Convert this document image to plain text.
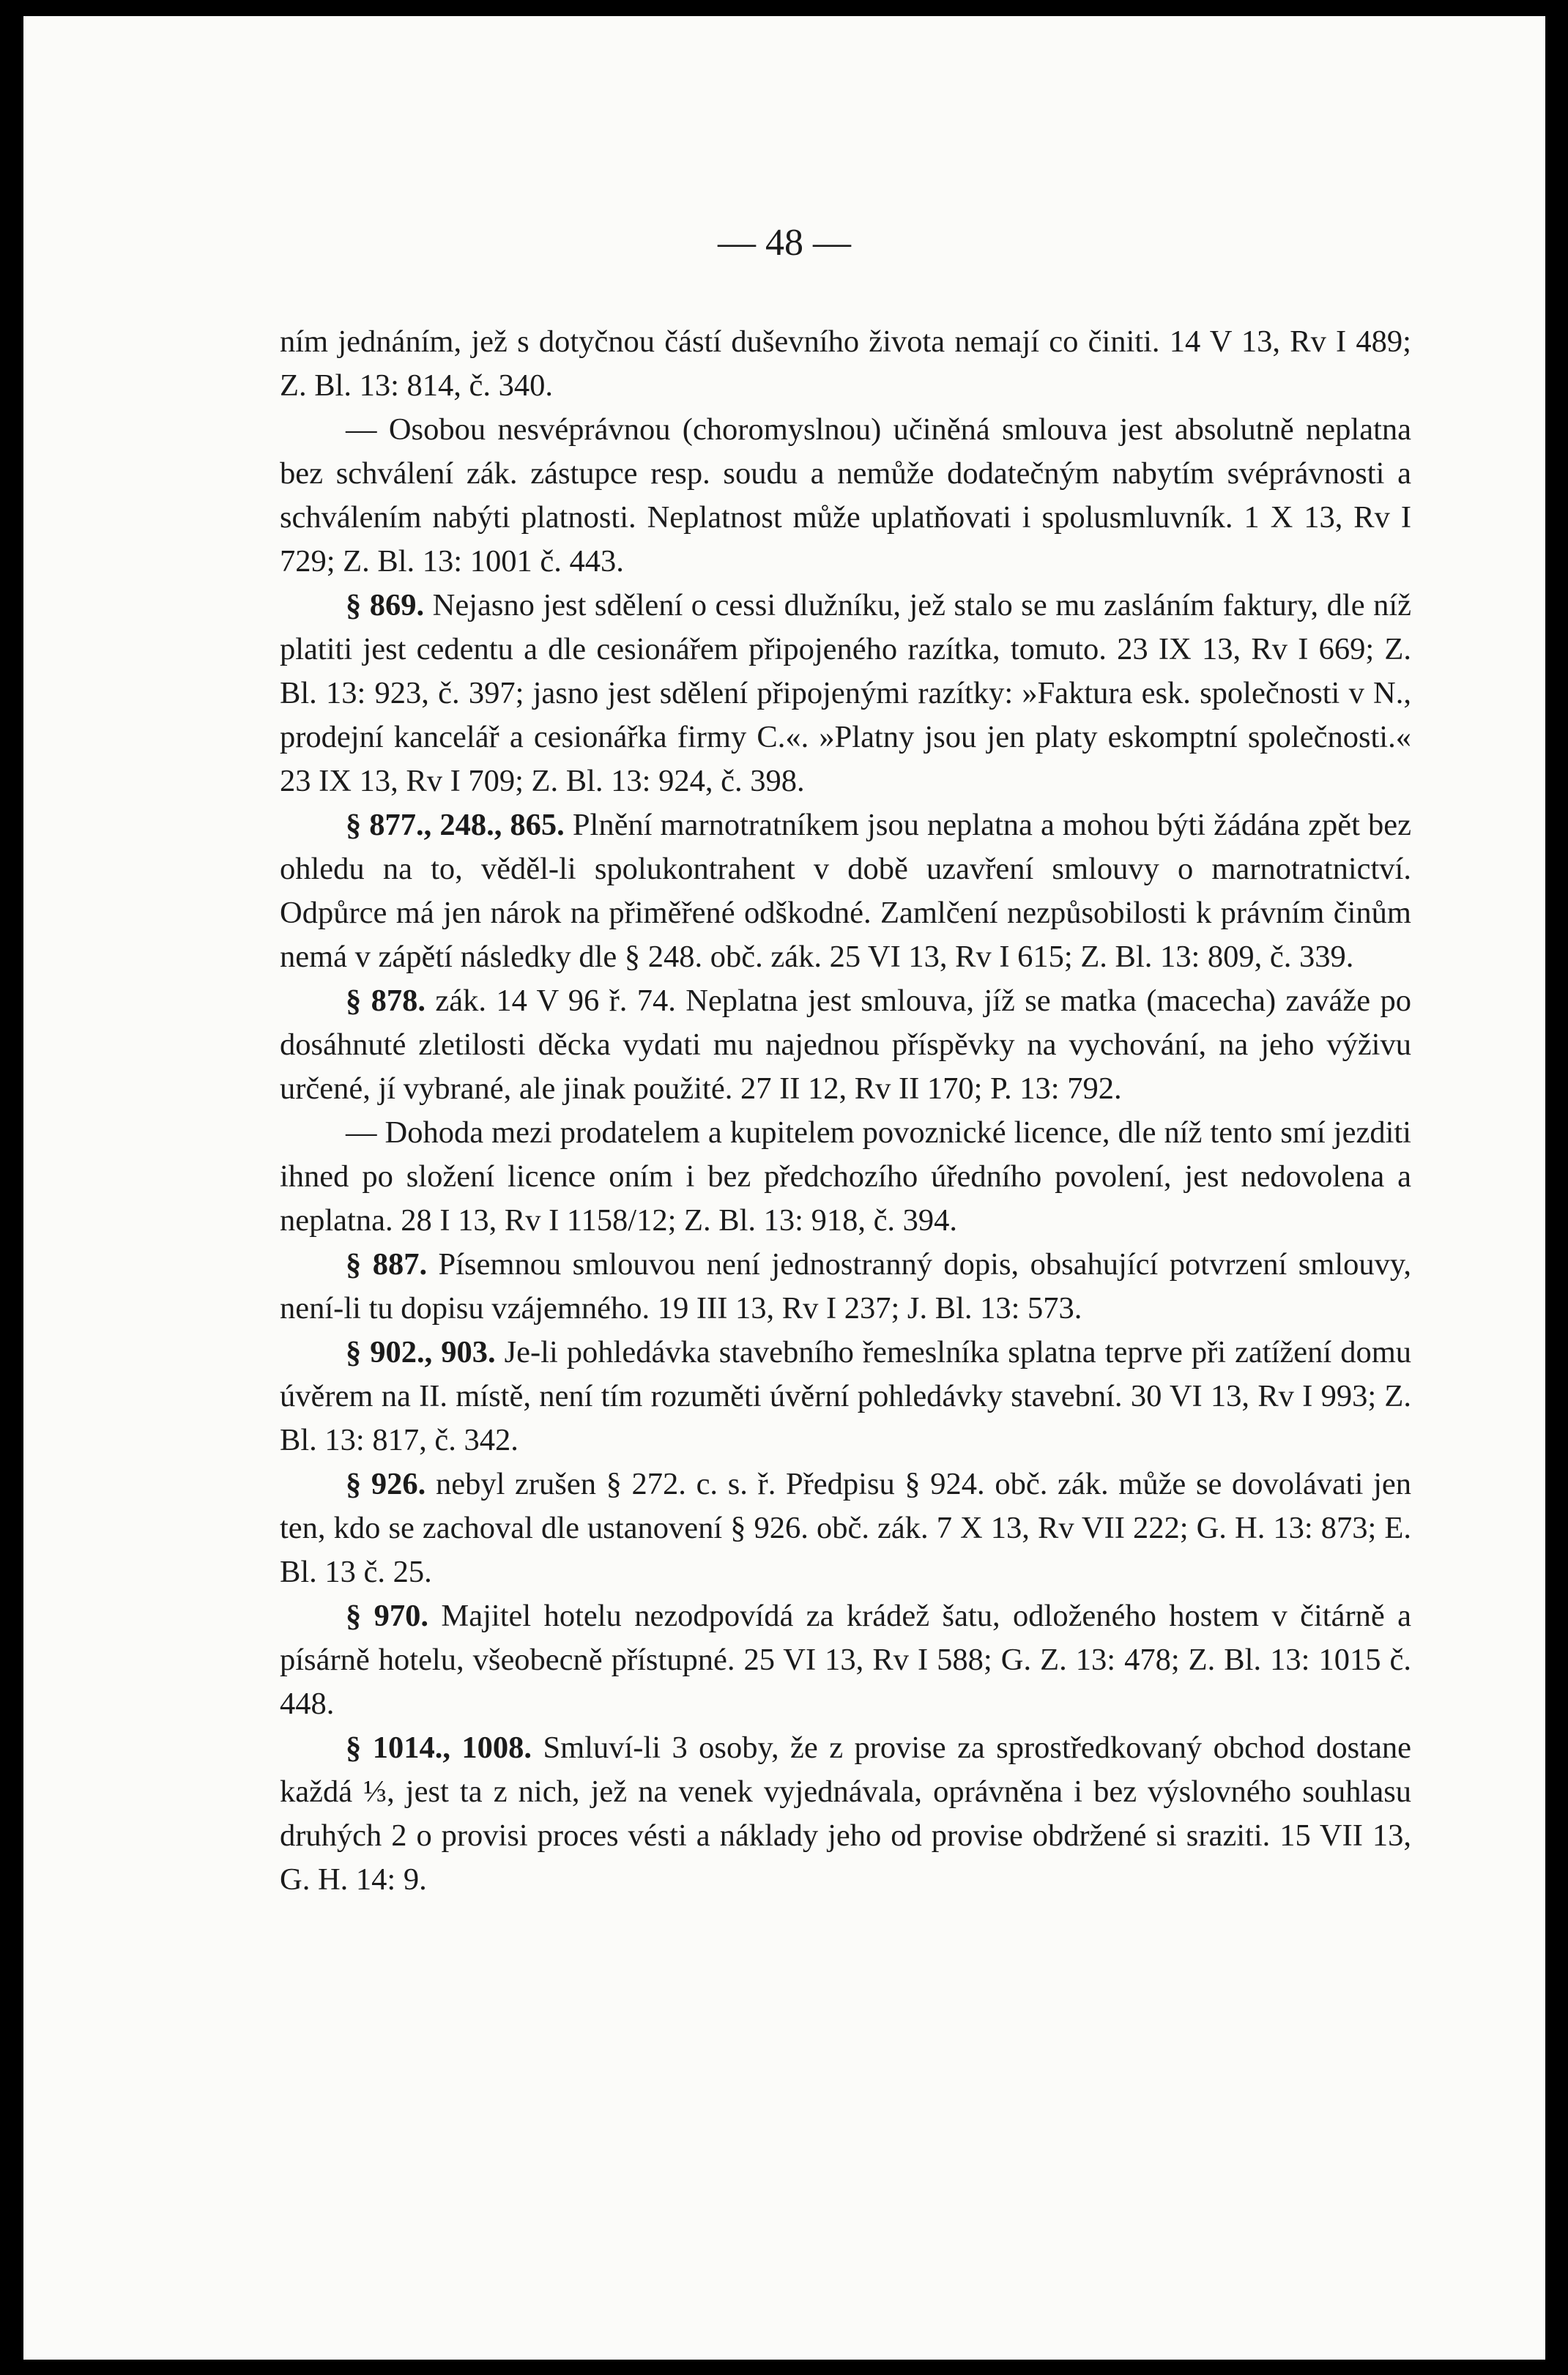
— 48 —

ním jednáním, jež s dotyčnou částí duševního života nemají co činiti. 14 V 13, Rv I 489; Z. Bl. 13: 814, č. 340.

— Osobou nesvéprávnou (choromyslnou) učiněná smlouva jest absolutně neplatna bez schválení zák. zástupce resp. soudu a nemůže dodatečným nabytím svéprávnosti a schválením nabýti platnosti. Neplatnost může uplatňovati i spolusmluvník. 1 X 13, Rv I 729; Z. Bl. 13: 1001 č. 443.

§ 869. Nejasno jest sdělení o cessi dlužníku, jež stalo se mu zasláním faktury, dle níž platiti jest cedentu a dle cesionářem připojeného razítka, tomuto. 23 IX 13, Rv I 669; Z. Bl. 13: 923, č. 397; jasno jest sdělení připojenými razítky: »Faktura esk. společnosti v N., prodejní kancelář a cesionářka firmy C.«. »Platny jsou jen platy eskomptní společnosti.« 23 IX 13, Rv I 709; Z. Bl. 13: 924, č. 398.

§ 877., 248., 865. Plnění marnotratníkem jsou neplatna a mohou býti žádána zpět bez ohledu na to, věděl-li spolukontrahent v době uzavření smlouvy o marnotratnictví. Odpůrce má jen nárok na přiměřené odškodné. Zamlčení nezpůsobilosti k právním činům nemá v zápětí následky dle § 248. obč. zák. 25 VI 13, Rv I 615; Z. Bl. 13: 809, č. 339.

§ 878. zák. 14 V 96 ř. 74. Neplatna jest smlouva, jíž se matka (macecha) zaváže po dosáhnuté zletilosti děcka vydati mu najednou příspěvky na vychování, na jeho výživu určené, jí vybrané, ale jinak použité. 27 II 12, Rv II 170; P. 13: 792.

— Dohoda mezi prodatelem a kupitelem povoznické licence, dle níž tento smí jezditi ihned po složení licence oním i bez předchozího úředního povolení, jest nedovolena a neplatna. 28 I 13, Rv I 1158/12; Z. Bl. 13: 918, č. 394.

§ 887. Písemnou smlouvou není jednostranný dopis, obsahující potvrzení smlouvy, není-li tu dopisu vzájemného. 19 III 13, Rv I 237; J. Bl. 13: 573.

§ 902., 903. Je-li pohledávka stavebního řemeslníka splatna teprve při zatížení domu úvěrem na II. místě, není tím rozuměti úvěrní pohledávky stavební. 30 VI 13, Rv I 993; Z. Bl. 13: 817, č. 342.

§ 926. nebyl zrušen § 272. c. s. ř. Předpisu § 924. obč. zák. může se dovolávati jen ten, kdo se zachoval dle ustanovení § 926. obč. zák. 7 X 13, Rv VII 222; G. H. 13: 873; E. Bl. 13 č. 25.

§ 970. Majitel hotelu nezodpovídá za krádež šatu, odloženého hostem v čitárně a písárně hotelu, všeobecně přístupné. 25 VI 13, Rv I 588; G. Z. 13: 478; Z. Bl. 13: 1015 č. 448.

§ 1014., 1008. Smluví-li 3 osoby, že z provise za sprostředkovaný obchod dostane každá ⅓, jest ta z nich, jež na venek vyjednávala, oprávněna i bez výslovného souhlasu druhých 2 o provisi proces vésti a náklady jeho od provise obdržené si sraziti. 15 VII 13, G. H. 14: 9.
